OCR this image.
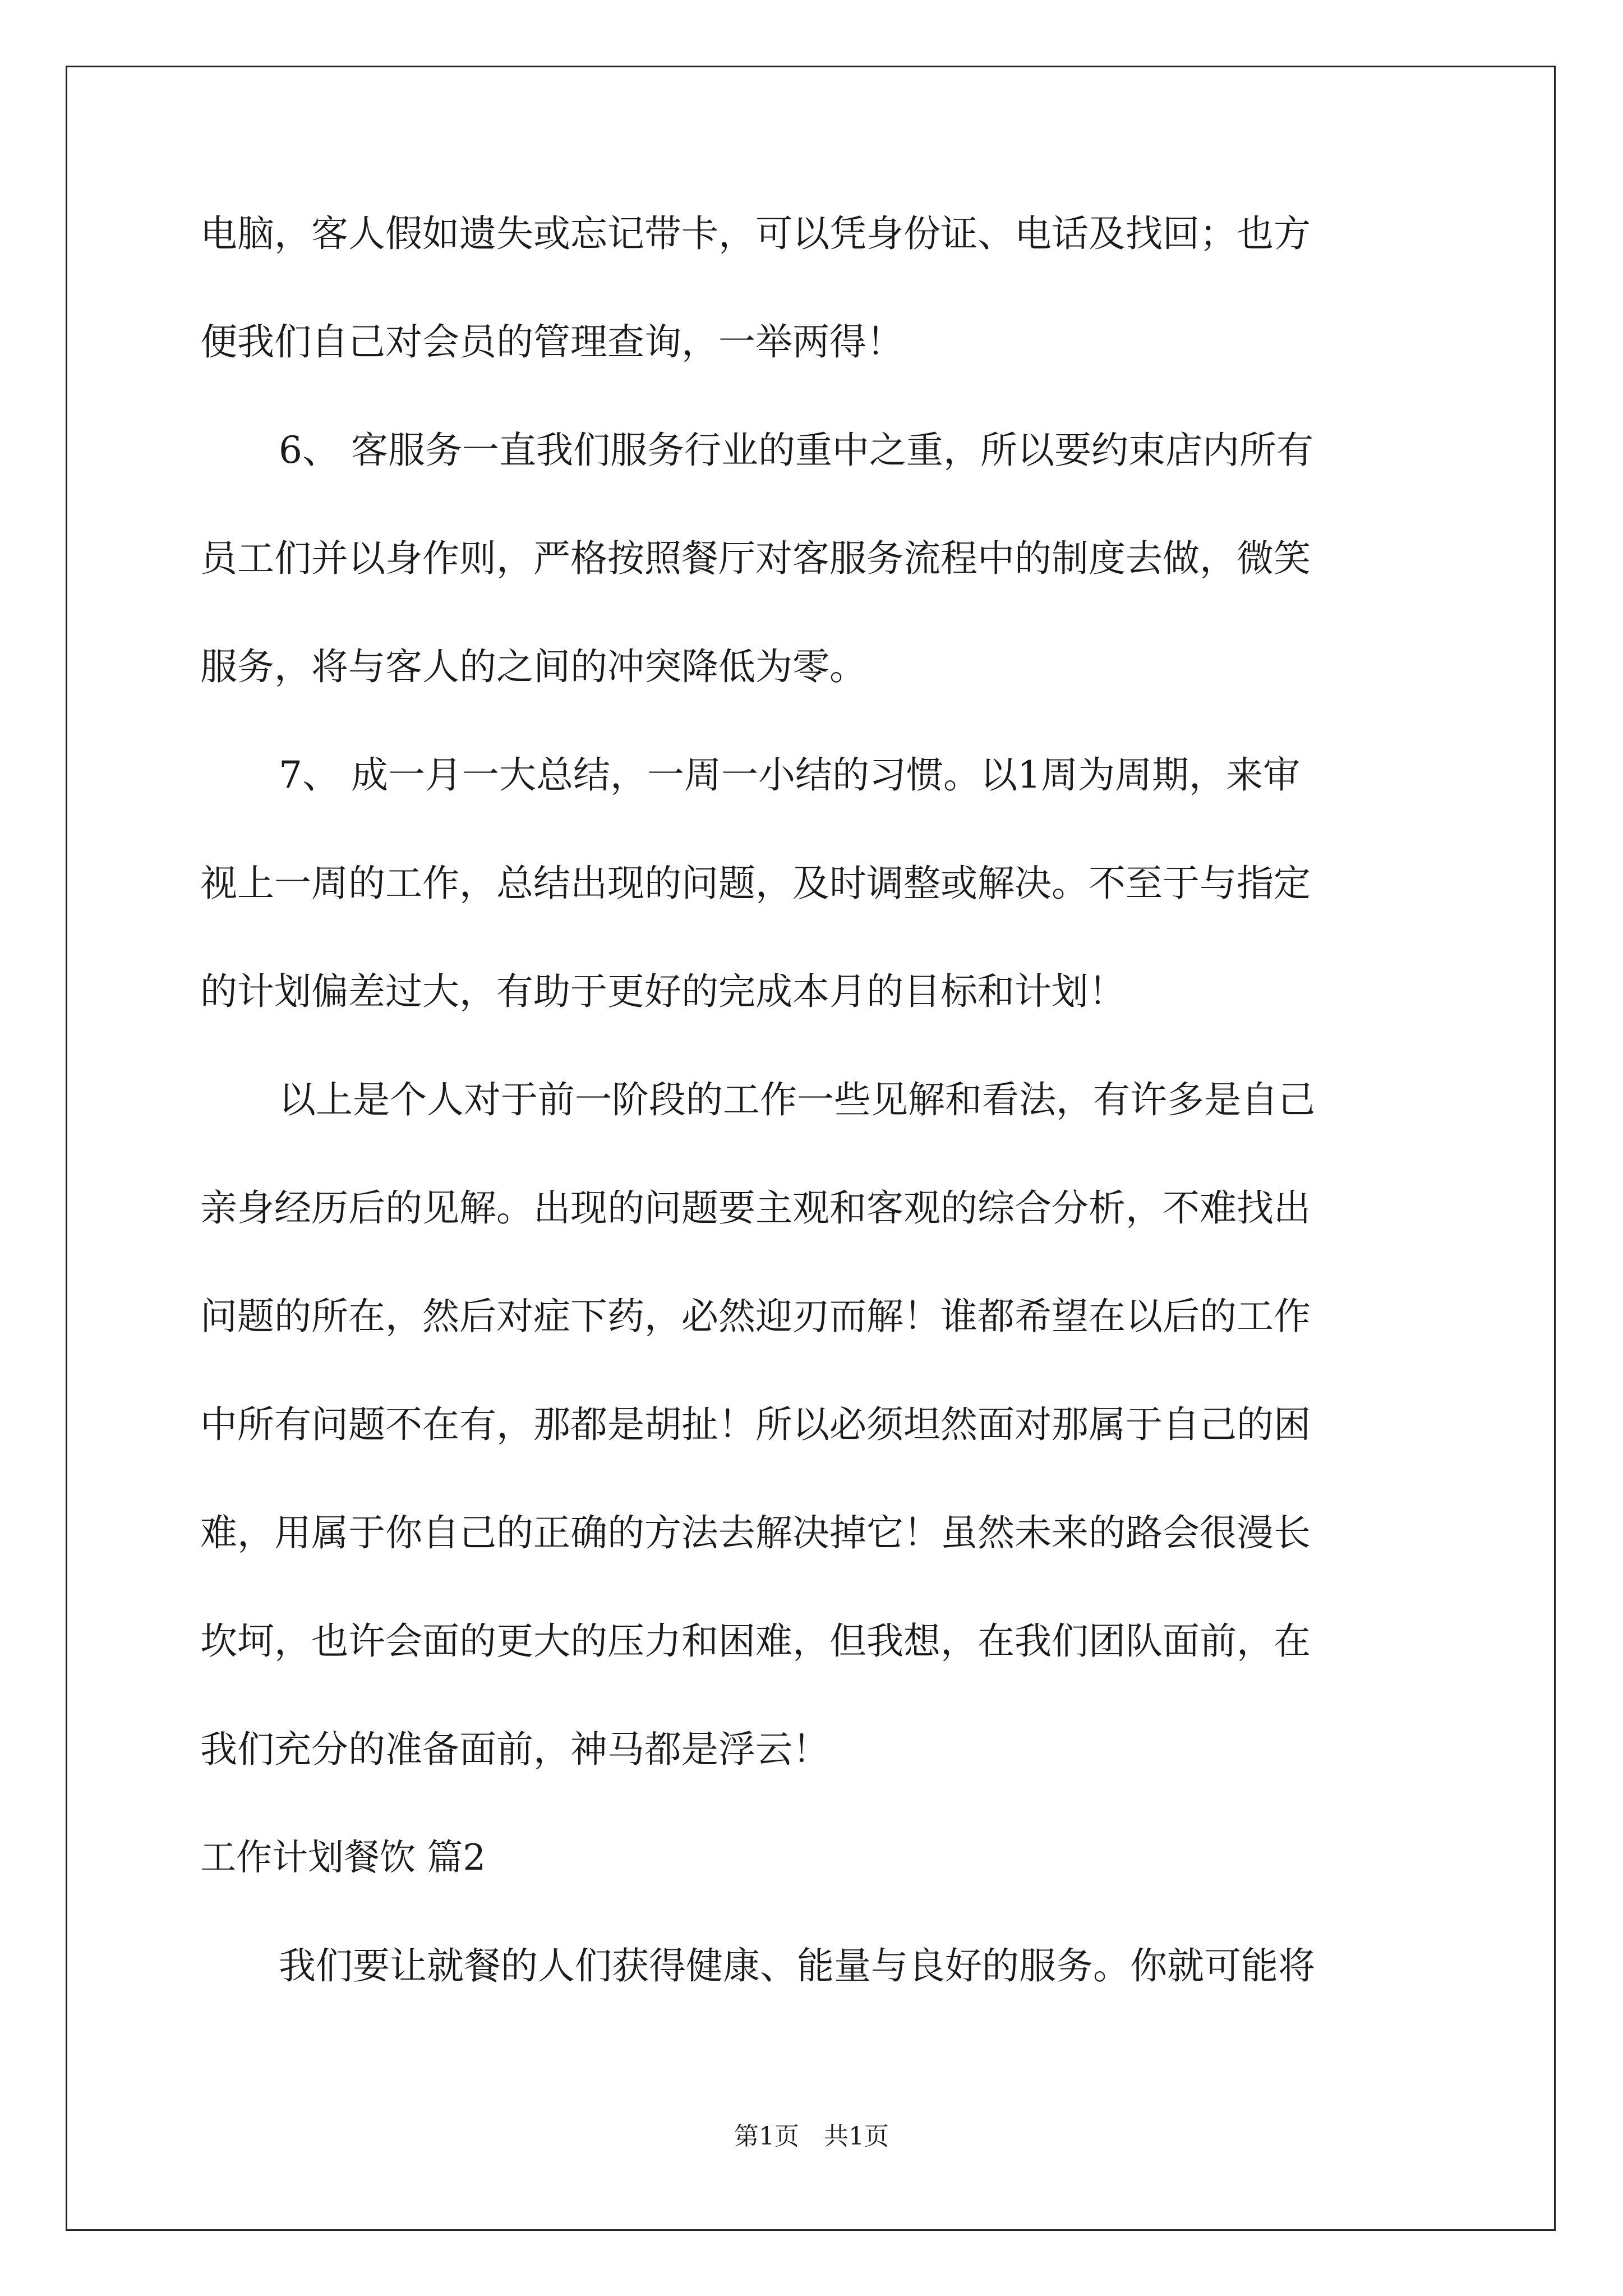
电脑，客人假如遗失或忘记带卡，可以凭身份证、电话及找回；也方
便我们自己对会员的管理查询，一举两得！
6、 客服务一直我们服务行业的重中之重，所以要约束店内所有
员工们并以身作则，严格按照餐厅对客服务流程中的制度去做，微笑
服务，将与客人的之间的冲突降低为零。
7、 成一月一大总结，一周一小结的习惯。以1周为周期，来审
视上一周的工作，总结出现的问题，及时调整或解决。不至于与指定
的计划偏差过大，有助于更好的完成本月的目标和计划！
以上是个人对于前一阶段的工作一些见解和看法，有许多是自己
亲身经历后的见解。出现的问题要主观和客观的综合分析，不难找出
问题的所在，然后对症下药，必然迎刃而解！谁都希望在以后的工作
中所有问题不在有，那都是胡扯！所以必须坦然面对那属于自己的困
难，用属于你自己的正确的方法去解决掉它！虽然未来的路会很漫长
坎坷，也许会面的更大的压力和困难，但我想，在我们团队面前，在
我们充分的准备面前，神马都是浮云！
工作计划餐饮 篇2
我们要让就餐的人们获得健康、能量与良好的服务。你就可能将
第1页　共1页
